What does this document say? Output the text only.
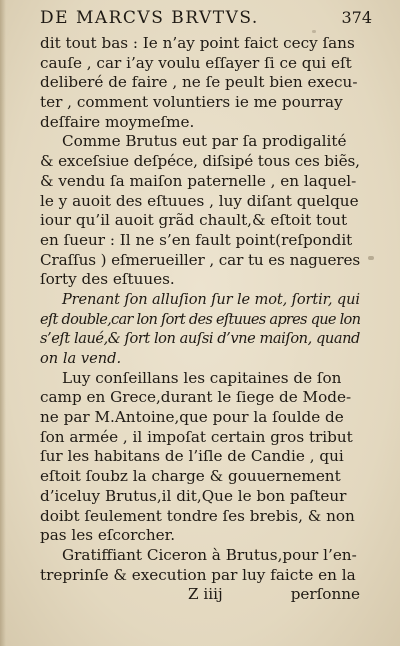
DE MARCVS BRVTVS.	374
dit tout bas : Ie n’ay point faict cecy ſans
cauſe , car i’ay voulu eſſayer ſi ce qui eſt
deliberé de faire , ne ſe peult bien execu-
ter , comment voluntiers ie me pourray
deſfaire moymeſme.
Comme Brutus eut par ſa prodigalité
& exceſsiue deſpéce, diſsipé tous ces biẽs,
& vendu ſa maiſon paternelle , en laquel-
le y auoit des eſtuues , luy diſant quelque
iour qu’il auoit grãd chault,& eſtoit tout
en ſueur : Il ne s’en fault point(reſpondit
Craſſus ) eſmerueiller , car tu es nagueres
ſorty des eſtuues.
Prenant ſon alluſion ſur le mot, ſortir, qui
eſt double,car lon ſort des eſtuues apres que lon
s’eſt laué,& ſort lon auſsi d’vne maiſon, quand
on la vend.
Luy conſeillans les capitaines de ſon
camp en Grece,durant le ſiege de Mode-
ne par M.Antoine,que pour la ſoulde de
ſon armée , il impoſat certain gros tribut
ſur les habitans de l’iſle de Candie , qui
eſtoit ſoubz la charge & gouuernement
d’iceluy Brutus,il dit,Que le bon paſteur
doibt ſeulement tondre ſes brebis, & non
pas les eſcorcher.
Gratiffiant Ciceron à Brutus,pour l’en-
treprinſe & execution par luy faicte en la
Z iiij	perſonne
